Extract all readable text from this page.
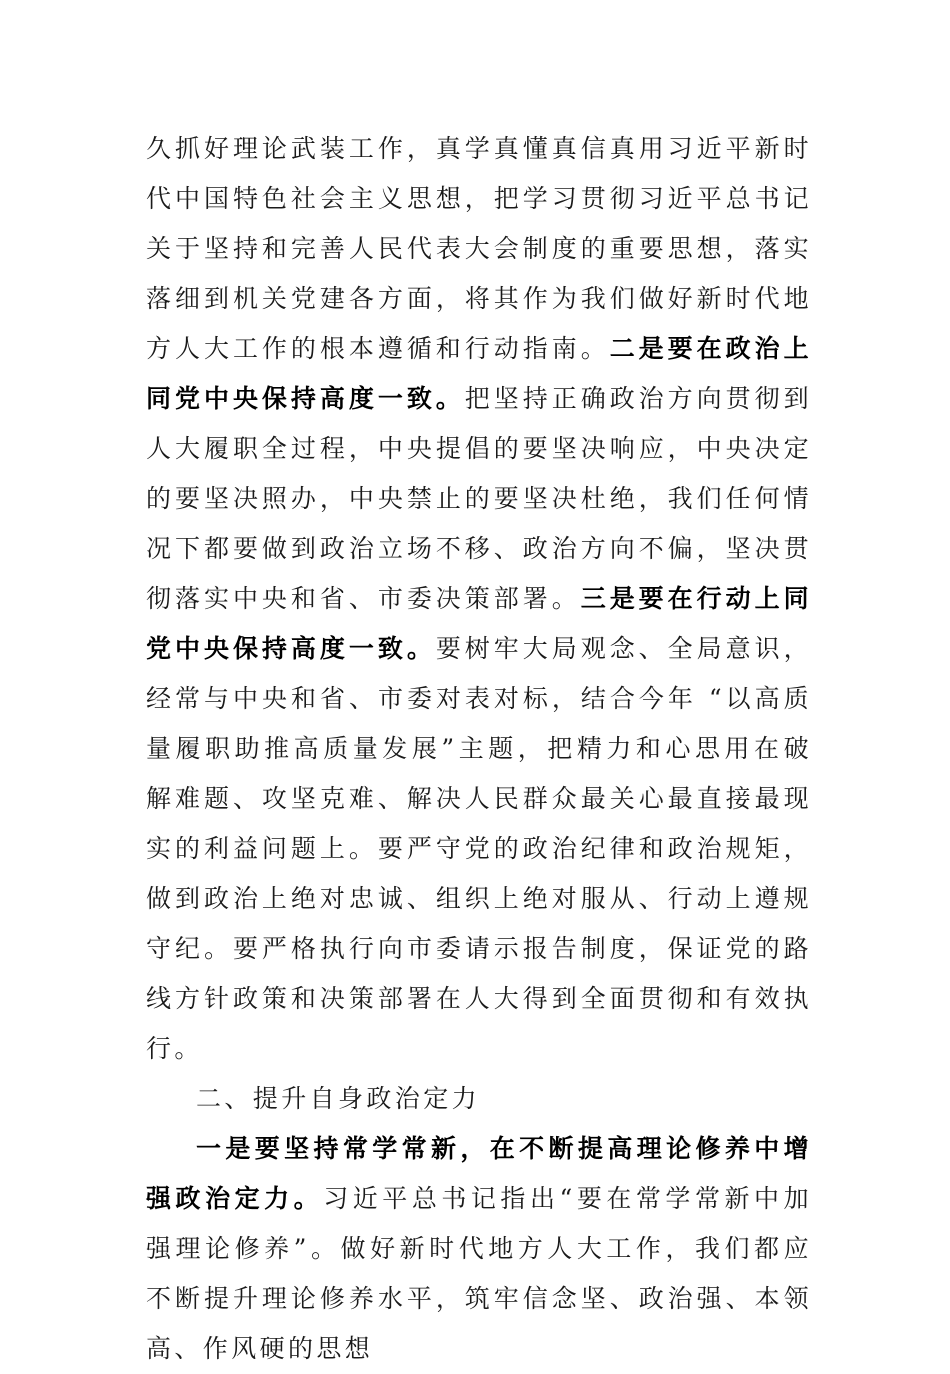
久抓好理论武装工作，真学真懂真信真用习近平新时代中国特色社会主义思想，把学习贯彻习近平总书记关于坚持和完善人民代表大会制度的重要思想，落实落细到机关党建各方面，将其作为我们做好新时代地方人大工作的根本遵循和行动指南。二是要在政治上同党中央保持高度一致。把坚持正确政治方向贯彻到人大履职全过程，中央提倡的要坚决响应，中央决定的要坚决照办，中央禁止的要坚决杜绝，我们任何情况下都要做到政治立场不移、政治方向不偏，坚决贯彻落实中央和省、市委决策部署。三是要在行动上同党中央保持高度一致。要树牢大局观念、全局意识，经常与中央和省、市委对表对标，结合今年 “以高质量履职助推高质量发展”主题，把精力和心思用在破解难题、攻坚克难、解决人民群众最关心最直接最现实的利益问题上。要严守党的政治纪律和政治规矩，做到政治上绝对忠诚、组织上绝对服从、行动上遵规守纪。要严格执行向市委请示报告制度，保证党的路线方针政策和决策部署在人大得到全面贯彻和有效执行。

二、提升自身政治定力

一是要坚持常学常新，在不断提高理论修养中增强政治定力。习近平总书记指出“要在常学常新中加强理论修养”。做好新时代地方人大工作，我们都应不断提升理论修养水平，筑牢信念坚、政治强、本领高、作风硬的思想
